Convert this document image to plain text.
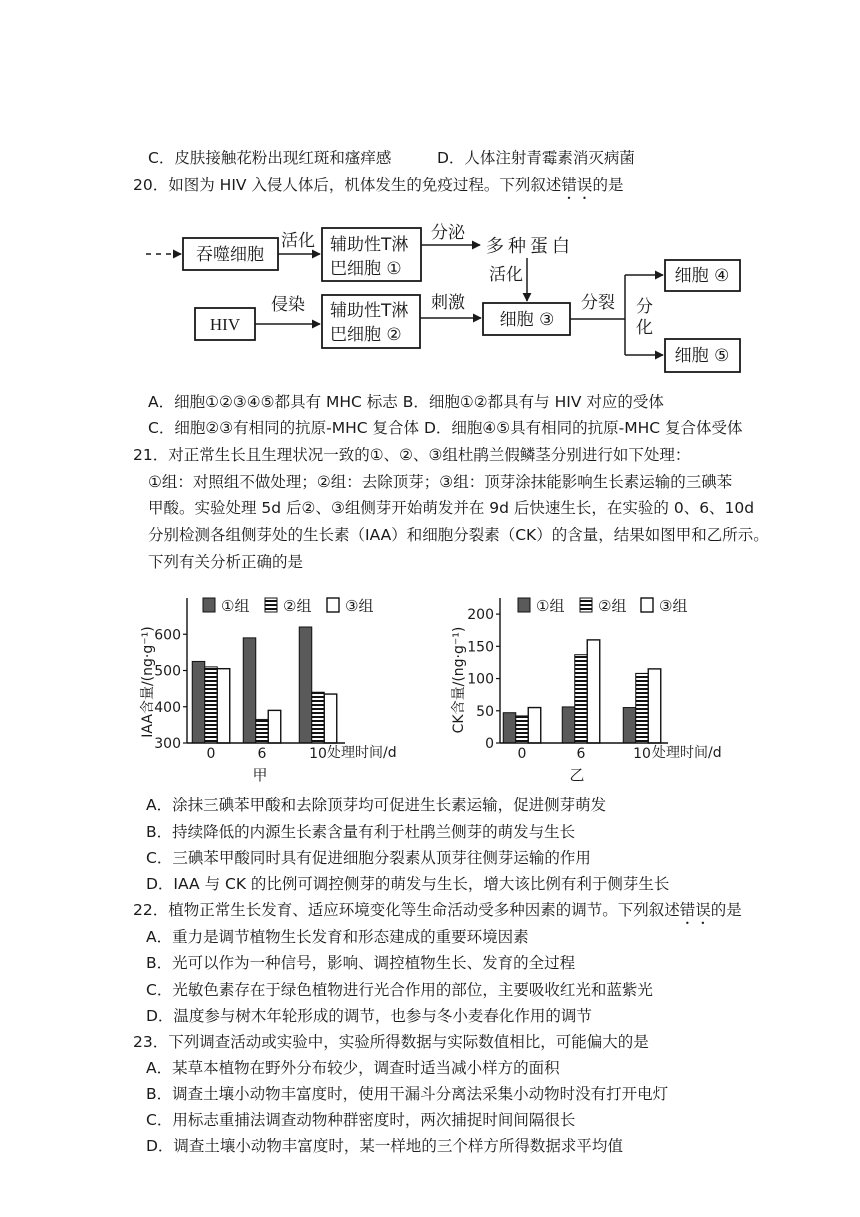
C．皮肤接触花粉出现红斑和瘙痒感	D．人体注射青霉素消灭病菌
20．如图为 HIV 入侵人体后，机体发生的免疫过程。下列叙述错误的是
吞噬细胞
活化 辅助性T淋
巴细胞 ①
分泌
多种蛋白
活化
HIV
侵染 辅助性T淋
巴细胞 ②
刺激
细胞 ③
分裂
细胞 ④
细胞 ⑤
分化
A．细胞①②③④⑤都具有 MHC 标志 B．细胞①②都具有与 HIV 对应的受体
C．细胞②③有相同的抗原-MHC 复合体 D．细胞④⑤具有相同的抗原-MHC 复合体受体
21．对正常生长且生理状况一致的①、②、③组杜鹃兰假鳞茎分别进行如下处理：
①组：对照组不做处理；②组：去除顶芽；③组：顶芽涂抹能影响生长素运输的三碘苯
甲酸。实验处理 5d 后②、③组侧芽开始萌发并在 9d 后快速生长，在实验的 0、6、10d
分别检测各组侧芽处的生长素（IAA）和细胞分裂素（CK）的含量，结果如图甲和乙所示。
下列有关分析正确的是
300
400
500
600
0	6	10
①组 ②组 ③组
IAA含量/(ng·g⁻¹)
处理时间/d
甲
0
50
100
150
200
0	6	10
①组 ②组 ③组
CK含量/(ng·g⁻¹)
处理时间/d
乙
A．涂抹三碘苯甲酸和去除顶芽均可促进生长素运输，促进侧芽萌发
B．持续降低的内源生长素含量有利于杜鹃兰侧芽的萌发与生长
C．三碘苯甲酸同时具有促进细胞分裂素从顶芽往侧芽运输的作用
D．IAA 与 CK 的比例可调控侧芽的萌发与生长，增大该比例有利于侧芽生长
22．植物正常生长发育、适应环境变化等生命活动受多种因素的调节。下列叙述错误的是
A．重力是调节植物生长发育和形态建成的重要环境因素
B．光可以作为一种信号，影响、调控植物生长、发育的全过程
C．光敏色素存在于绿色植物进行光合作用的部位，主要吸收红光和蓝紫光
D．温度参与树木年轮形成的调节，也参与冬小麦春化作用的调节
23．下列调查活动或实验中，实验所得数据与实际数值相比，可能偏大的是
A．某草本植物在野外分布较少，调查时适当减小样方的面积
B．调查土壤小动物丰富度时，使用干漏斗分离法采集小动物时没有打开电灯
C．用标志重捕法调查动物种群密度时，两次捕捉时间间隔很长
D．调查土壤小动物丰富度时，某一样地的三个样方所得数据求平均值
